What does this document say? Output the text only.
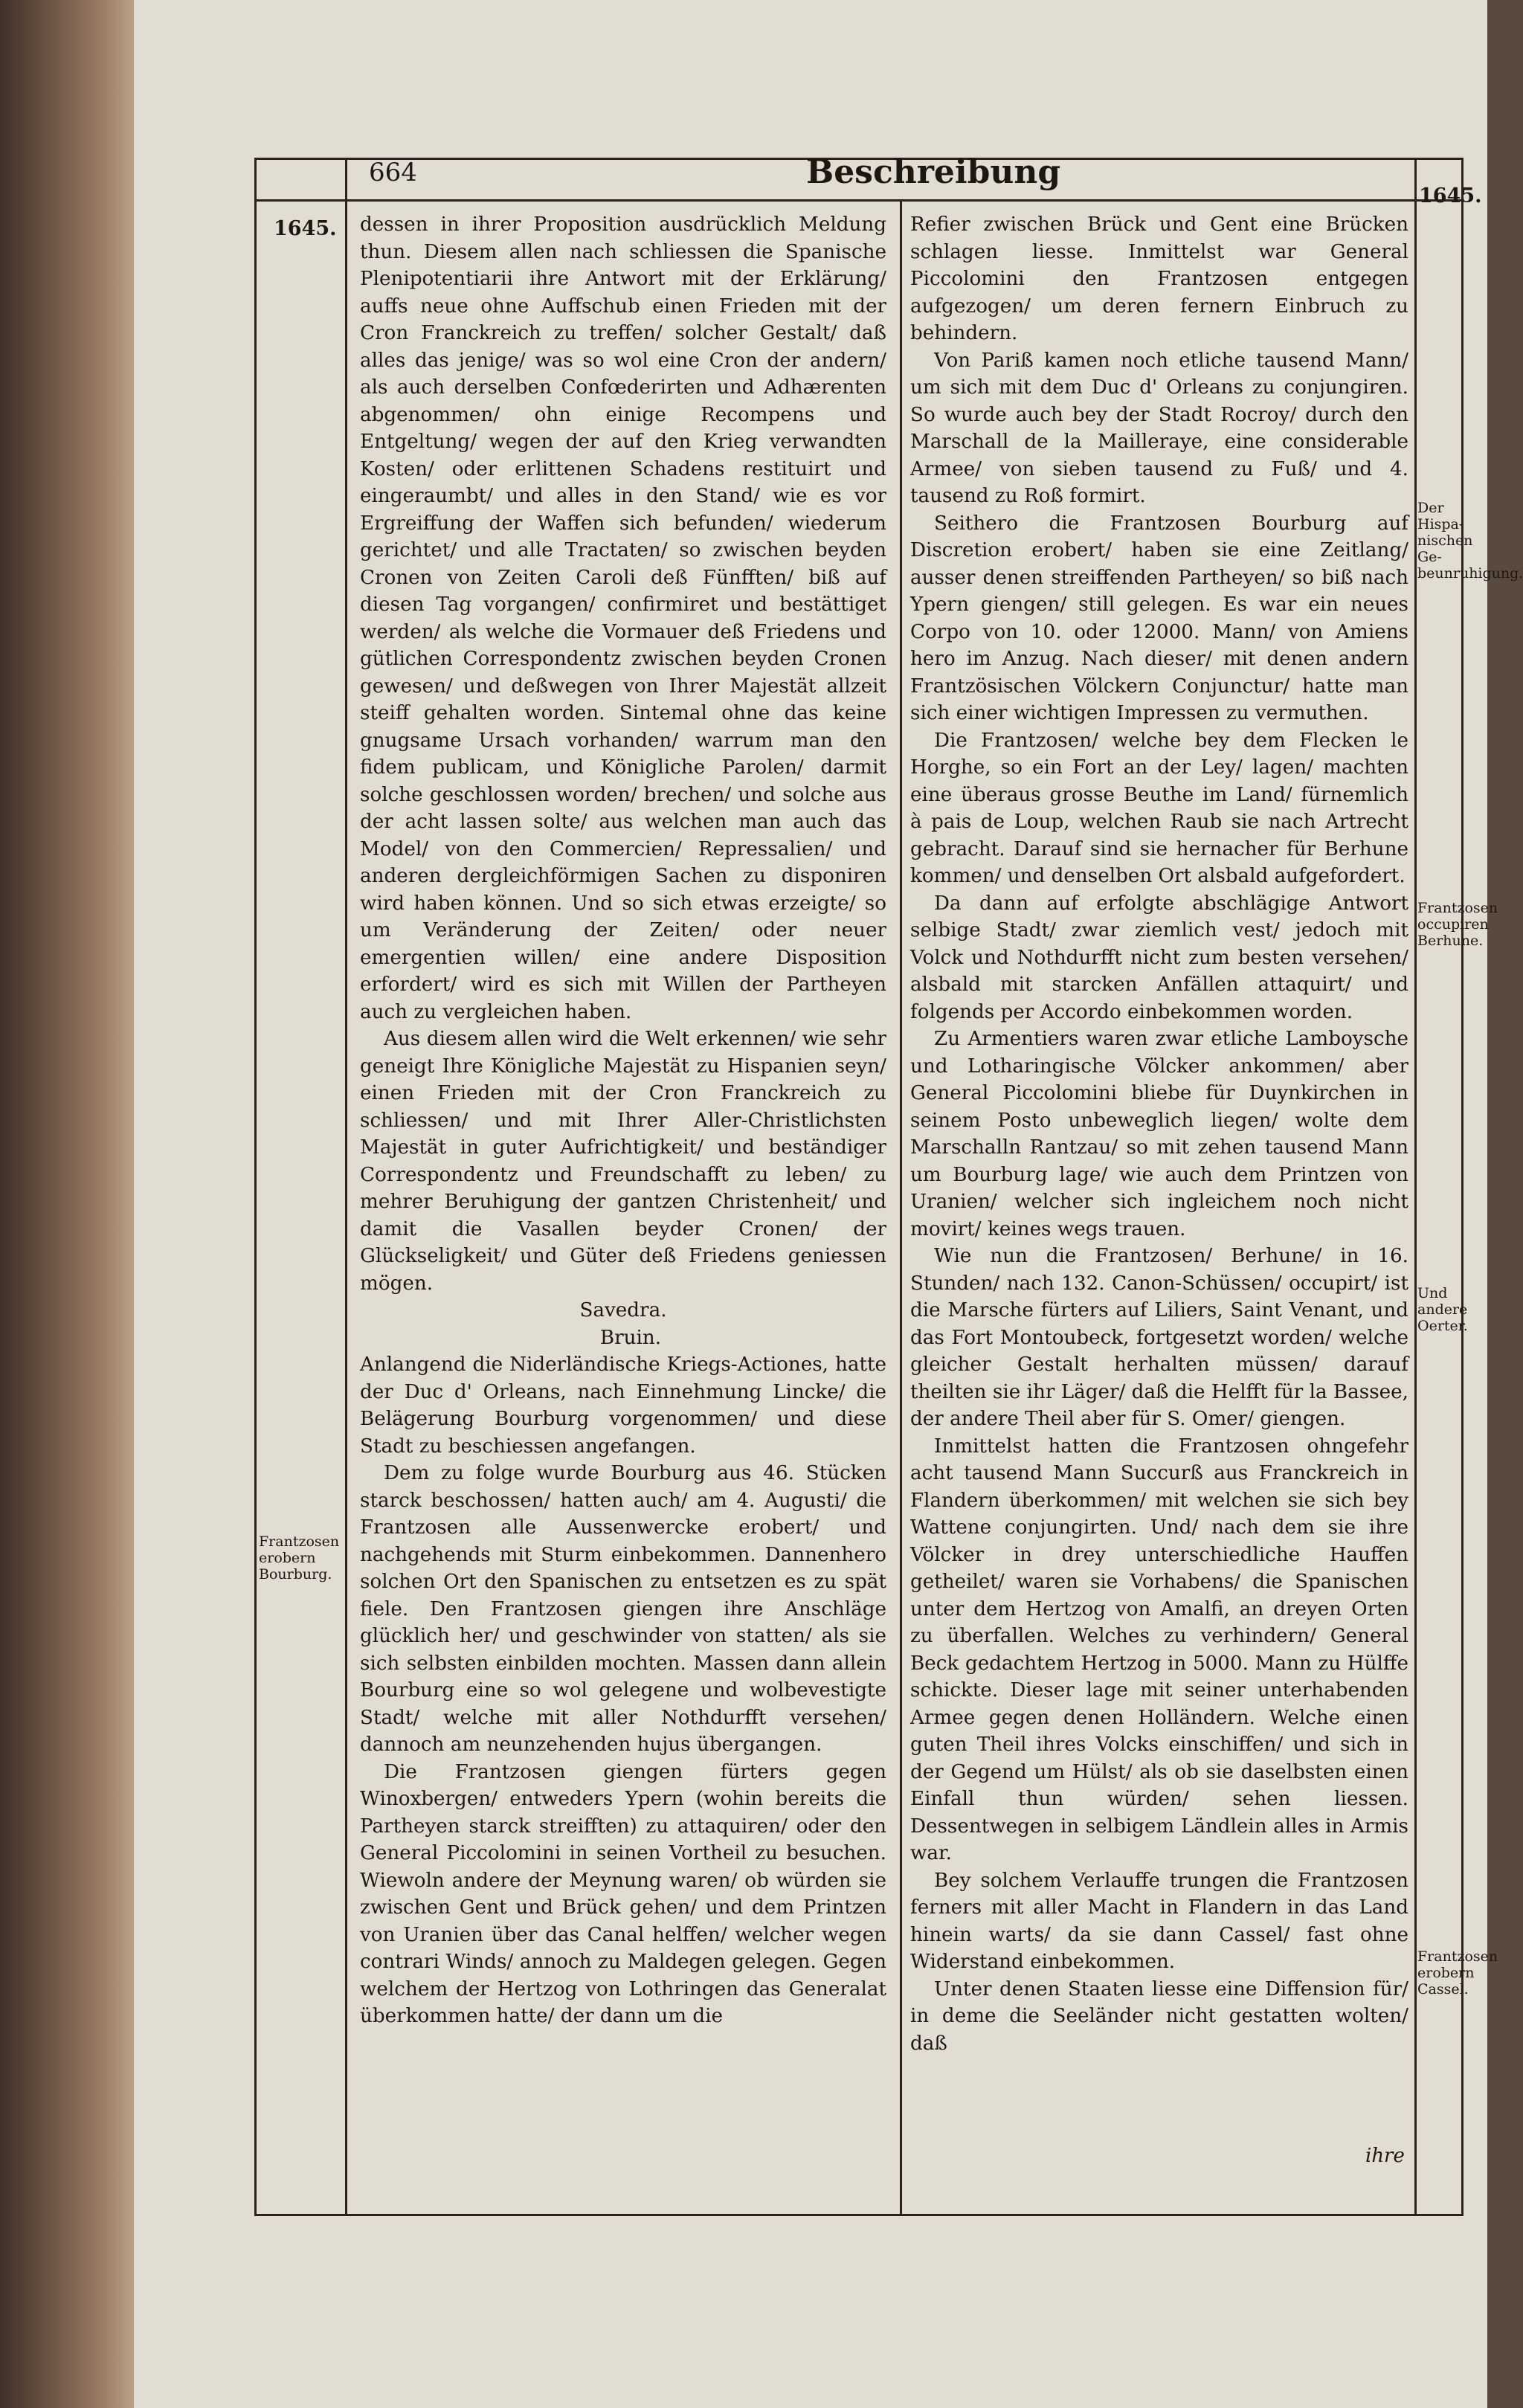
664	Beschreibung
1645.
1645.
Der Hispa- nischen Ge- beunruhigung.
Frantzosen occupiren Berhune.
Und andere Oerter.
Frantzosen erobern Cassel.
Frantzosen erobern Bourburg.

dessen in ihrer Proposition ausdrücklich Meldung thun. Diesem allen nach schliessen die Spanische Plenipotentiarii ihre Antwort mit der Erklärung/ auffs neue ohne Auffschub einen Frieden mit der Cron Franckreich zu treffen/ solcher Gestalt/ daß alles das jenige/ was so wol eine Cron der andern/ als auch derselben Confœderirten und Adhærenten abgenommen/ ohn einige Recompens und Entgeltung/ wegen der auf den Krieg verwandten Kosten/ oder erlittenen Schadens restituirt und eingeraumbt/ und alles in den Stand/ wie es vor Ergreiffung der Waffen sich befunden/ wiederum gerichtet/ und alle Tractaten/ so zwischen beyden Cronen von Zeiten Caroli deß Fünfften/ biß auf diesen Tag vorgangen/ confirmiret und bestättiget werden/ als welche die Vormauer deß Friedens und gütlichen Correspondentz zwischen beyden Cronen gewesen/ und deßwegen von Ihrer Majestät allzeit steiff gehalten worden. Sintemal ohne das keine gnugsame Ursach vorhanden/ warrum man den fidem publicam, und Königliche Parolen/ darmit solche geschlossen worden/ brechen/ und solche aus der acht lassen solte/ aus welchen man auch das Model/ von den Commercien/ Repressalien/ und anderen dergleichförmigen Sachen zu disponiren wird haben können. Und so sich etwas erzeigte/ so um Veränderung der Zeiten/ oder neuer emergentien willen/ eine andere Disposition erfordert/ wird es sich mit Willen der Partheyen auch zu vergleichen haben.

Aus diesem allen wird die Welt erkennen/ wie sehr geneigt Ihre Königliche Majestät zu Hispanien seyn/ einen Frieden mit der Cron Franckreich zu schliessen/ und mit Ihrer Aller-Christlichsten Majestät in guter Aufrichtigkeit/ und beständiger Correspondentz und Freundschafft zu leben/ zu mehrer Beruhigung der gantzen Christenheit/ und damit die Vasallen beyder Cronen/ der Glückseligkeit/ und Güter deß Friedens geniessen mögen.

Savedra.

Bruin.

Anlangend die Niderländische Kriegs-Actiones, hatte der Duc d' Orleans, nach Einnehmung Lincke/ die Belägerung Bourburg vorgenommen/ und diese Stadt zu beschiessen angefangen.

Dem zu folge wurde Bourburg aus 46. Stücken starck beschossen/ hatten auch/ am 4. Augusti/ die Frantzosen alle Aussenwercke erobert/ und nachgehends mit Sturm einbekommen. Dannenhero solchen Ort den Spanischen zu entsetzen es zu spät fiele. Den Frantzosen giengen ihre Anschläge glücklich her/ und geschwinder von statten/ als sie sich selbsten einbilden mochten. Massen dann allein Bourburg eine so wol gelegene und wolbevestigte Stadt/ welche mit aller Nothdurfft versehen/ dannoch am neunzehenden hujus übergangen.

Die Frantzosen giengen fürters gegen Winoxbergen/ entweders Ypern (wohin bereits die Partheyen starck streifften) zu attaquiren/ oder den General Piccolomini in seinen Vortheil zu besuchen. Wiewoln andere der Meynung waren/ ob würden sie zwischen Gent und Brück gehen/ und dem Printzen von Uranien über das Canal helffen/ welcher wegen contrari Winds/ annoch zu Maldegen gelegen. Gegen welchem der Hertzog von Lothringen das Generalat überkommen hatte/ der dann um die

Refier zwischen Brück und Gent eine Brücken schlagen liesse. Inmittelst war General Piccolomini den Frantzosen entgegen aufgezogen/ um deren fernern Einbruch zu behindern.

Von Pariß kamen noch etliche tausend Mann/ um sich mit dem Duc d' Orleans zu conjungiren. So wurde auch bey der Stadt Rocroy/ durch den Marschall de la Mailleraye, eine considerable Armee/ von sieben tausend zu Fuß/ und 4. tausend zu Roß formirt.

Seithero die Frantzosen Bourburg auf Discretion erobert/ haben sie eine Zeitlang/ ausser denen streiffenden Partheyen/ so biß nach Ypern giengen/ still gelegen. Es war ein neues Corpo von 10. oder 12000. Mann/ von Amiens hero im Anzug. Nach dieser/ mit denen andern Frantzösischen Völckern Conjunctur/ hatte man sich einer wichtigen Impressen zu vermuthen.

Die Frantzosen/ welche bey dem Flecken le Horghe, so ein Fort an der Ley/ lagen/ machten eine überaus grosse Beuthe im Land/ fürnemlich à pais de Loup, welchen Raub sie nach Artrecht gebracht. Darauf sind sie hernacher für Berhune kommen/ und denselben Ort alsbald aufgefordert.

Da dann auf erfolgte abschlägige Antwort selbige Stadt/ zwar ziemlich vest/ jedoch mit Volck und Nothdurfft nicht zum besten versehen/ alsbald mit starcken Anfällen attaquirt/ und folgends per Accordo einbekommen worden.

Zu Armentiers waren zwar etliche Lamboysche und Lotharingische Völcker ankommen/ aber General Piccolomini bliebe für Duynkirchen in seinem Posto unbeweglich liegen/ wolte dem Marschalln Rantzau/ so mit zehen tausend Mann um Bourburg lage/ wie auch dem Printzen von Uranien/ welcher sich ingleichem noch nicht movirt/ keines wegs trauen.

Wie nun die Frantzosen/ Berhune/ in 16. Stunden/ nach 132. Canon-Schüssen/ occupirt/ ist die Marsche fürters auf Liliers, Saint Venant, und das Fort Montoubeck, fortgesetzt worden/ welche gleicher Gestalt herhalten müssen/ darauf theilten sie ihr Läger/ daß die Helfft für la Bassee, der andere Theil aber für S. Omer/ giengen.

Inmittelst hatten die Frantzosen ohngefehr acht tausend Mann Succurß aus Franckreich in Flandern überkommen/ mit welchen sie sich bey Wattene conjungirten. Und/ nach dem sie ihre Völcker in drey unterschiedliche Hauffen getheilet/ waren sie Vorhabens/ die Spanischen unter dem Hertzog von Amalfi, an dreyen Orten zu überfallen. Welches zu verhindern/ General Beck gedachtem Hertzog in 5000. Mann zu Hülffe schickte. Dieser lage mit seiner unterhabenden Armee gegen denen Holländern. Welche einen guten Theil ihres Volcks einschiffen/ und sich in der Gegend um Hülst/ als ob sie daselbsten einen Einfall thun würden/ sehen liessen. Dessentwegen in selbigem Ländlein alles in Armis war.

Bey solchem Verlauffe trungen die Frantzosen ferners mit aller Macht in Flandern in das Land hinein warts/ da sie dann Cassel/ fast ohne Widerstand einbekommen.

Unter denen Staaten liesse eine Diffension für/ in deme die Seeländer nicht gestatten wolten/ daß

ihre
